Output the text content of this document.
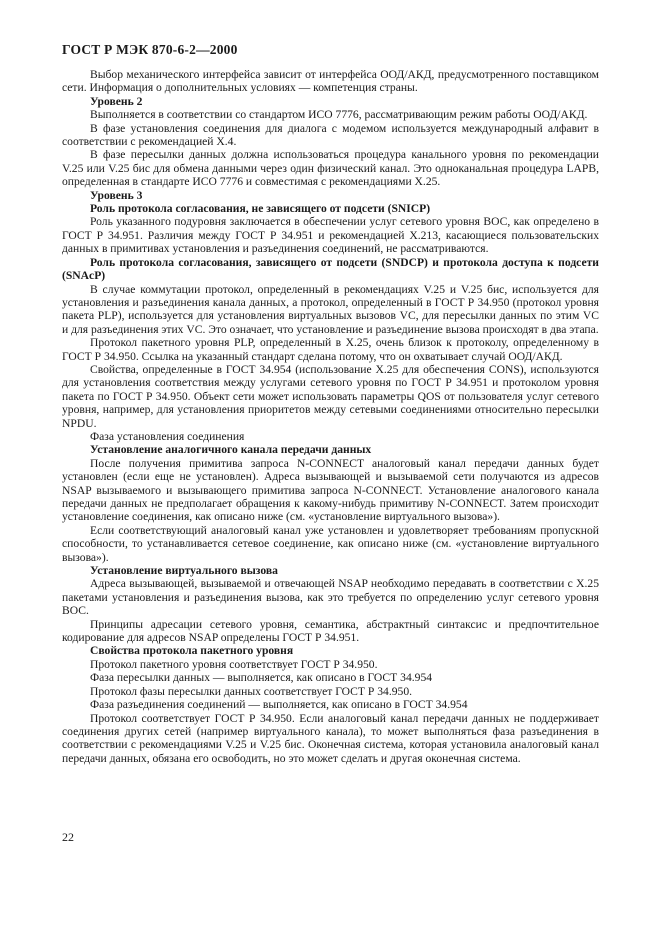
ГОСТ Р МЭК 870-6-2—2000

Выбор механического интерфейса зависит от интерфейса ООД/АКД, предусмотренного поставщиком сети. Информация о дополнительных условиях — компетенция страны.

Уровень 2

Выполняется в соответствии со стандартом ИСО 7776, рассматривающим режим работы ООД/АКД.

В фазе установления соединения для диалога с модемом используется международный алфавит в соответствии с рекомендацией Х.4.

В фазе пересылки данных должна использоваться процедура канального уровня по рекомендации V.25 или V.25 бис для обмена данными через один физический канал. Это одноканальная процедура LAPB, определенная в стандарте ИСО 7776 и совместимая с рекомендациями Х.25.

Уровень 3

Роль протокола согласования, не зависящего от подсети (SNICP)

Роль указанного подуровня заключается в обеспечении услуг сетевого уровня ВОС, как определено в ГОСТ Р 34.951. Различия между ГОСТ Р 34.951 и рекомендацией Х.213, касающиеся пользовательских данных в примитивах установления и разъединения соединений, не рассматриваются.

Роль протокола согласования, зависящего от подсети (SNDCP) и протокола доступа к подсети (SNAcP)

В случае коммутации протокол, определенный в рекомендациях V.25 и V.25 бис, используется для установления и разъединения канала данных, а протокол, определенный в ГОСТ Р 34.950 (протокол уровня пакета PLP), используется для установления виртуальных вызовов VC, для пересылки данных по этим VC и для разъединения этих VC. Это означает, что установление и разъединение вызова происходят в два этапа.

Протокол пакетного уровня PLP, определенный в Х.25, очень близок к протоколу, определенному в ГОСТ Р 34.950. Ссылка на указанный стандарт сделана потому, что он охватывает случай ООД/АКД.

Свойства, определенные в ГОСТ 34.954 (использование Х.25 для обеспечения CONS), используются для установления соответствия между услугами сетевого уровня по ГОСТ Р 34.951 и протоколом уровня пакета по ГОСТ Р 34.950. Объект сети может использовать параметры QOS от пользователя услуг сетевого уровня, например, для установления приоритетов между сетевыми соединениями относительно пересылки NPDU.

Фаза установления соединения

Установление аналогичного канала передачи данных

После получения примитива запроса N-CONNECT аналоговый канал передачи данных будет установлен (если еще не установлен). Адреса вызывающей и вызываемой сети получаются из адресов NSAP вызываемого и вызывающего примитива запроса N-CONNECT. Установление аналогового канала передачи данных не предполагает обращения к какому-нибудь примитиву N-CONNECT. Затем происходит установление соединения, как описано ниже (см. «установление виртуального вызова»).

Если соответствующий аналоговый канал уже установлен и удовлетворяет требованиям пропускной способности, то устанавливается сетевое соединение, как описано ниже (см. «установление виртуального вызова»).

Установление виртуального вызова

Адреса вызывающей, вызываемой и отвечающей NSAP необходимо передавать в соответствии с Х.25 пакетами установления и разъединения вызова, как это требуется по определению услуг сетевого уровня ВОС.

Принципы адресации сетевого уровня, семантика, абстрактный синтаксис и предпочтительное кодирование для адресов NSAP определены ГОСТ Р 34.951.

Свойства протокола пакетного уровня

Протокол пакетного уровня соответствует ГОСТ Р 34.950.

Фаза пересылки данных — выполняется, как описано в ГОСТ 34.954

Протокол фазы пересылки данных соответствует ГОСТ Р 34.950.

Фаза разъединения соединений — выполняется, как описано в ГОСТ 34.954

Протокол соответствует ГОСТ Р 34.950. Если аналоговый канал передачи данных не поддерживает соединения других сетей (например виртуального канала), то может выполняться фаза разъединения в соответствии с рекомендациями V.25 и V.25 бис. Оконечная система, которая установила аналоговый канал передачи данных, обязана его освободить, но это может сделать и другая оконечная система.

22
